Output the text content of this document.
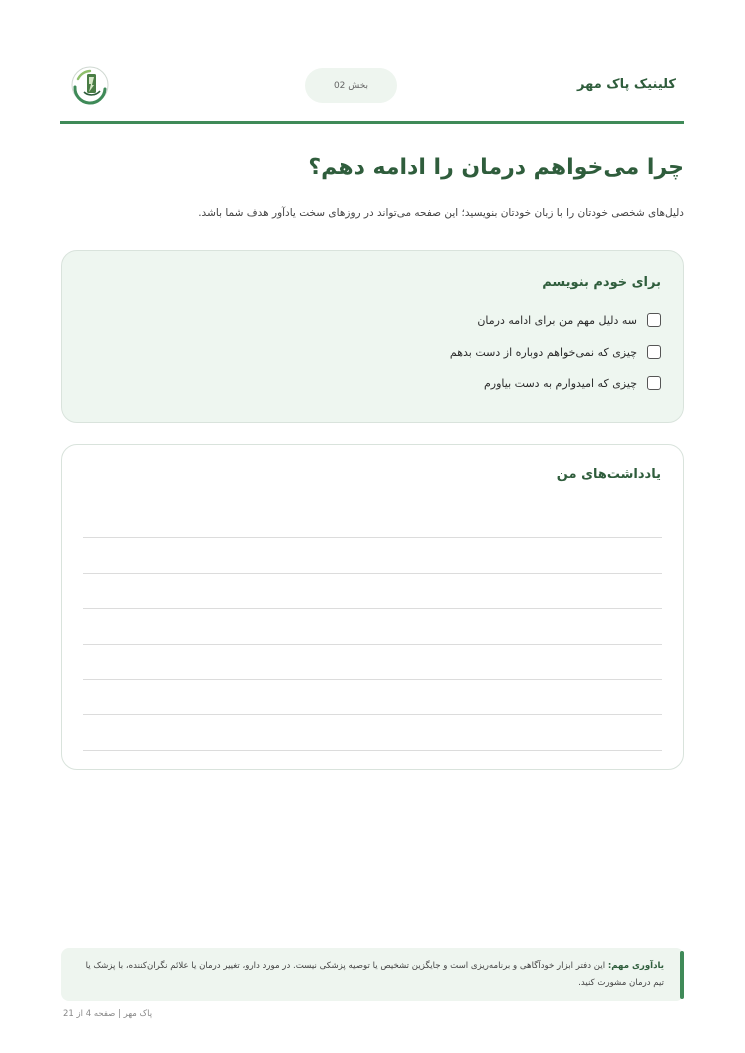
کلینیک پاک مهر
بخش 02
چرا می‌خواهم درمان را ادامه دهم؟

دلیل‌های شخصی خودتان را با زبان خودتان بنویسید؛ این صفحه می‌تواند در روزهای سخت یادآور هدف شما باشد.

برای خودم بنویسم
سه دلیل مهم من برای ادامه درمان
چیزی که نمی‌خواهم دوباره از دست بدهم
چیزی که امیدوارم به دست بیاورم
یادداشت‌های من
یادآوری مهم: این دفتر ابزار خودآگاهی و برنامه‌ریزی است و جایگزین تشخیص یا توصیه پزشکی نیست. در مورد دارو، تغییر درمان یا علائم نگران‌کننده، با پزشک یا تیم درمان مشورت کنید.
پاک مهر | صفحه 4 از 21
